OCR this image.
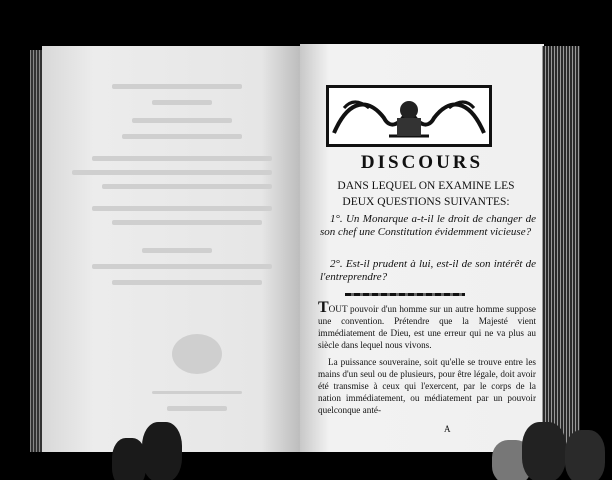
DISCOURS
DANS LEQUEL ON EXAMINE LES
DEUX QUESTIONS SUIVANTES:
1°. Un Monarque a-t-il le droit de changer de son chef une Constitution évidemment vicieuse?
2°. Est-il prudent à lui, est-il de son intérêt de l'entreprendre?
TOUT pouvoir d'un homme sur un autre homme suppose une convention. Prétendre que la Majesté vient immédiatement de Dieu, est une erreur qui ne va plus au siècle dans lequel nous vivons.
La puissance souveraine, soit qu'elle se trouve entre les mains d'un seul ou de plusieurs, pour être légale, doit avoir été transmise à ceux qui l'exercent, par le corps de la nation immédiatement, ou médiatement par un pouvoir quelconque anté-
A
